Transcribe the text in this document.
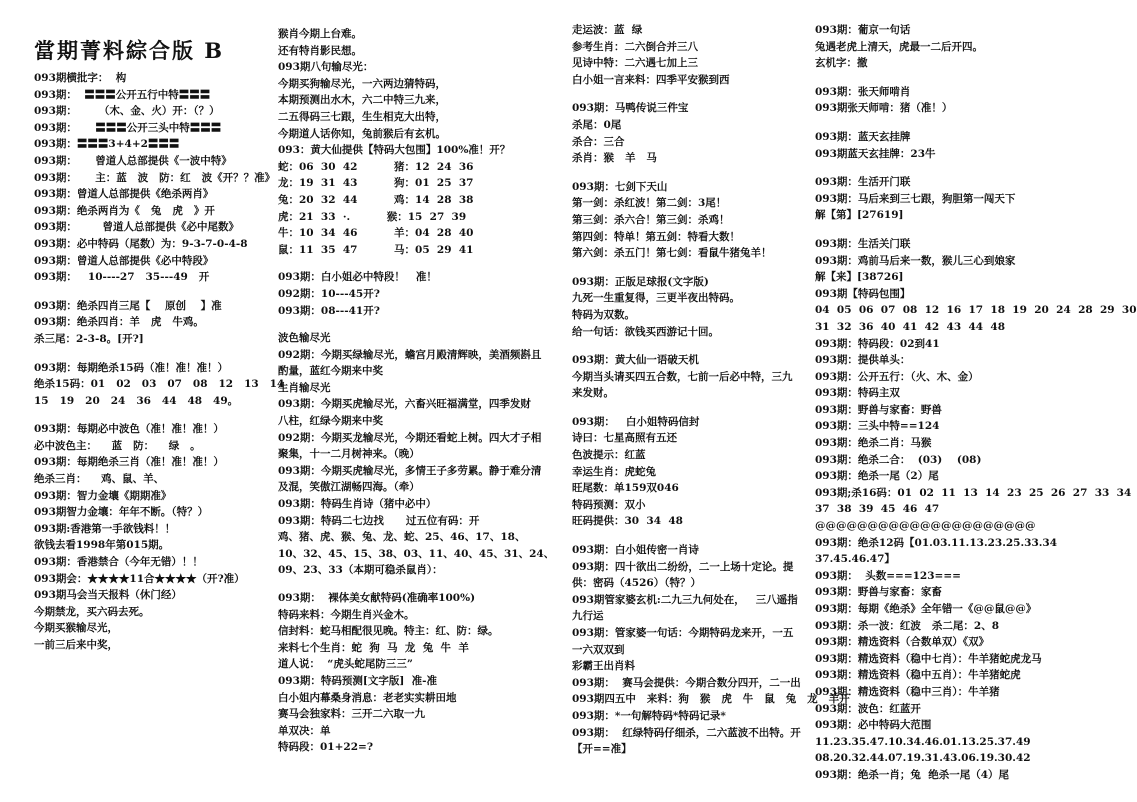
當期菁料綜合版 B
093期横批字：  构
093期：  〓〓〓公开五行中特〓〓〓
093期：      （木、金、火）开：（？）
093期：     〓〓〓公开三头中特〓〓〓
093期：〓〓〓3+4+2〓〓〓
093期：     曾道人总部提供《一波中特》
093期：     主：蓝   波   防：红   波《开？？准》
093期：曾道人总部提供《绝杀两肖》
093期：绝杀两肖为《   兔   虎   》开
093期：       曾道人总部提供《必中尾数》
093期：必中特码（尾数）为：9-3-7-0-4-8
093期：曾道人总部提供《必中特段》
093期：   10----27   35---49   开
093期：绝杀四肖三尾【    原创    】准
093期：绝杀四肖：羊   虎   牛鸡。
杀三尾：2-3-8。[开?]
093期：每期绝杀15码（准！准！准！）
绝杀15码：01   02   03   07   08   12   13   14
15   19   20   24   36   44   48   49。
093期：每期必中波色（准！准！准！）
必中波色主：    蓝   防：    绿   。
093期：每期绝杀三肖（准！准！准！）
绝杀三肖：    鸡、鼠、羊、
093期：智力金壤《期期准》
093期智力金壤：年年不断。（特？）
093期:香港第一手欲钱料！！
欲钱去看1998年第015期。
093期：香港禁合（今年无错）！！
093期会：★★★★11合★★★★（开?准）
093期马会当天报料（休门经）
今期禁龙，买六码去死。
今期买猴输尽光，
一前三后来中奖，
猴肖今期上台难。
还有特肖影民想。
093期八句输尽光：
今期买狗输尽光，一六两边猜特码，
本期预测出水木，六二中特三九来，
二五得码三七跟，生生相克大出特，
今期道人话你知，兔前猴后有玄机。
093：黄大仙提供【特码大包围】100%准！开？
蛇：06  30  42          猪：12  24  36
龙：19  31  43          狗：01  25  37
兔：20  32  44          鸡：14  28  38
虎：21  33  ·.          猴：15  27  39
牛：10  34  46          羊：04  28  40
鼠：11  35  47          马：05  29  41
093期：白小姐必中特段！   准！
092期：10---45开?
093期：08---41开?
波色输尽光
092期：今期买绿输尽光，蟾宫月殿清辉映，美酒频斟且
酌量，蓝红今期来中奖
生肖输尽光
093期：今期买虎输尽光，六畜兴旺福满堂，四季发财
八柱，红绿今期来中奖
092期：今期买龙输尽光，今期还看蛇上树。四大才子相
聚集，十一二月树神来。（晚）
093期：今期买虎输尽光，多情王子多劳累。静于难分清
及混，笑傲江湖畅四海。（牵）
093期：特码生肖诗（猪中必中）
093期：特码二七边找      过五位有码：开
鸡、猪、虎、猴、兔、龙、蛇、25、46、17、18、
10、32、45、15、38、03、11、40、45、31、24、
09、23、33（本期可稳杀鼠肖）：
093期：  裸体美女献特码(准确率100%)
特码来料：今期生肖兴金木。
信封料：蛇马相配很见晚。特主：红、防：绿。
来料七个生肖：蛇  狗  马  龙  兔  牛  羊
道人说：  “虎头蛇尾防三三”
093期：特码预测[文字版]  准-准
白小姐内幕桑身消息：老老实实耕田地
赛马会独家料：三开二六取一九
单双决：单
特码段：01+22=?
走运波：蓝  绿
参考生肖：二六倒合并三八
见诗中特：二六遇七加上三
白小姐一言来料：四季平安猴到西
093期：马鸭传说三件宝
杀尾：0尾
杀合：三合
杀肖：猴   羊   马
093期：七剑下天山
第一剑：杀红波！第二剑：3尾！
第三剑：杀六合！第三剑：杀鸡！
第四剑：特单！第五剑：特看大数！
第六剑：杀五门！第七剑：看鼠牛猪兔羊！
093期：正版足球报(文字版)
九死一生重复得，三更半夜出特码。
特码为双数。
给一句话：欲钱买西游记十回。
093期：黄大仙一语破天机
今期当头请买四五合数，七前一后必中特，三九
来发财。
093期：   白小姐特码信封
诗曰：七星高照有五还
色波提示：红蓝
幸运生肖：虎蛇兔
旺尾数：单159双046
特码预测：双小
旺码提供：30  34  48
093期：白小姐传密一肖诗
093期：四十欲出二纷纷，二一上场十定论。提
供：密码（4526）（特？）
093期管家婆玄机:二九三九何处在，   三八遥指
九行运
093期：管家婆一句话：今期特码龙来开，一五
一六双双到
彩霸王出肖料
093期：  赛马会提供：今期合数分四开，二一出
093期四五中   来料：狗   猴   虎   牛   鼠   兔   龙   羊开
093期：*一句解特码*特码记录*
093期：  红绿特码仔细杀，二六蓝波不出特。开
【开==准】
093期：葡京一句话
兔遇老虎上清天，虎最一二后开四。
玄机字：撤
093期：张天师啃肖
093期张天师啃：猪（准！）
093期：蓝天玄挂牌
093期蓝天玄挂牌：23牛
093期：生活开门联
093期：马后来到三七跟，狗胆第一闯天下
解【第】[27619]
093期：生活关门联
093期：鸡前马后来一数，猴儿三心到娘家
解【来】[38726]
093期【特码包围】
04  05  06  07  08  12  16  17  18  19  20  24  28  29  30
31  32  36  40  41  42  43  44  48
093期：特码段：02到41
093期：提供单头：
093期：公开五行：（火、木、金）
093期：特码主双
093期：野兽与家畜：野兽
093期：三头中特==124
093期：绝杀二肖：马猴
093期：绝杀二合：  (03)    (08)
093期：绝杀一尾（2）尾
093期;杀16码：01  02  11  13  14  23  25  26  27  33  34
37  38  39  45  46  47
@@@@@@@@@@@@@@@@@@@@@
093期：绝杀12码【01.03.11.13.23.25.33.34
37.45.46.47】
093期：  头数===123===
093期：野兽与家畜：家畜
093期：每期《绝杀》全年错一《@@鼠@@》
093期：杀一波：红波   杀二尾：2、8
093期：精选资料（合数单双）《双》
093期：精选资料（稳中七肖）：牛羊猪蛇虎龙马
093期：精选资料（稳中五肖）：牛羊猪蛇虎
093期：精选资料（稳中三肖）：牛羊猪
093期：波色：红蓝开
093期：必中特码大范围
11.23.35.47.10.34.46.01.13.25.37.49
08.20.32.44.07.19.31.43.06.19.30.42
093期：绝杀一肖；兔  绝杀一尾（4）尾
